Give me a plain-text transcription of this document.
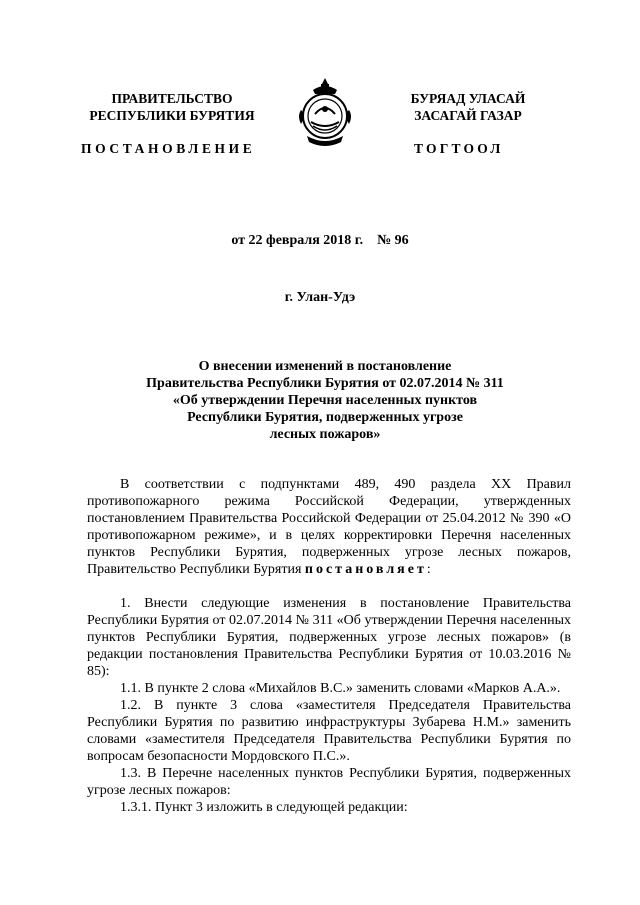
ПРАВИТЕЛЬСТВО
РЕСПУБЛИКИ БУРЯТИЯ
БУРЯАД УЛАСАЙ
ЗАСАГАЙ ГАЗАР
ПОСТАНОВЛЕНИЕ	ТОГТООЛ
от 22 февраля 2018 г. № 96
г. Улан-Удэ
О внесении изменений в постановление
Правительства Республики Бурятия от 02.07.2014 № 311
«Об утверждении Перечня населенных пунктов
Республики Бурятия, подверженных угрозе
лесных пожаров»

В соответствии с подпунктами 489, 490 раздела XX Правил противопожарного режима Российской Федерации, утвержденных постановлением Правительства Российской Федерации от 25.04.2012 № 390 «О противопожарном режиме», и в целях корректировки Перечня населенных пунктов Республики Бурятия, подверженных угрозе лесных пожаров, Правительство Республики Бурятия постановляет:

1. Внести следующие изменения в постановление Правительства Республики Бурятия от 02.07.2014 № 311 «Об утверждении Перечня населенных пунктов Республики Бурятия, подверженных угрозе лесных пожаров» (в редакции постановления Правительства Республики Бурятия от 10.03.2016 № 85):

1.1. В пункте 2 слова «Михайлов В.С.» заменить словами «Марков А.А.».

1.2. В пункте 3 слова «заместителя Председателя Правительства Республики Бурятия по развитию инфраструктуры Зубарева Н.М.» заменить словами «заместителя Председателя Правительства Республики Бурятия по вопросам безопасности Мордовского П.С.».

1.3. В Перечне населенных пунктов Республики Бурятия, подверженных угрозе лесных пожаров:

1.3.1. Пункт 3 изложить в следующей редакции:
